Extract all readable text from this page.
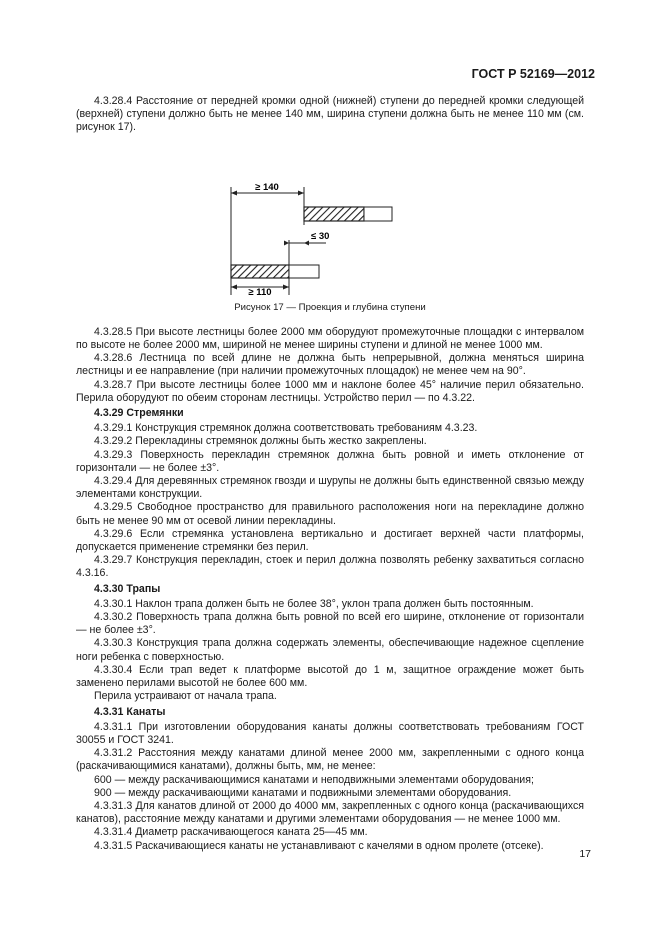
ГОСТ Р 52169—2012

4.3.28.4 Расстояние от передней кромки одной (нижней) ступени до передней кромки следующей (верхней) ступени должно быть не менее 140 мм, ширина ступени должна быть не менее 110 мм (см. рисунок 17).

≥ 140
≤ 30
≥ 110
Рисунок 17 — Проекция и глубина ступени

4.3.28.5 При высоте лестницы более 2000 мм оборудуют промежуточные площадки с интервалом по высоте не более 2000 мм, шириной не менее ширины ступени и длиной не менее 1000 мм.

4.3.28.6 Лестница по всей длине не должна быть непрерывной, должна меняться ширина лестницы и ее направление (при наличии промежуточных площадок) не менее чем на 90°.

4.3.28.7 При высоте лестницы более 1000 мм и наклоне более 45° наличие перил обязательно. Перила оборудуют по обеим сторонам лестницы. Устройство перил — по 4.3.22.

4.3.29 Стремянки

4.3.29.1 Конструкция стремянок должна соответствовать требованиям 4.3.23.

4.3.29.2 Перекладины стремянок должны быть жестко закреплены.

4.3.29.3 Поверхность перекладин стремянок должна быть ровной и иметь отклонение от горизонтали — не более ±3°.

4.3.29.4 Для деревянных стремянок гвозди и шурупы не должны быть единственной связью между элементами конструкции.

4.3.29.5 Свободное пространство для правильного расположения ноги на перекладине должно быть не менее 90 мм от осевой линии перекладины.

4.3.29.6 Если стремянка установлена вертикально и достигает верхней части платформы, допускается применение стремянки без перил.

4.3.29.7 Конструкция перекладин, стоек и перил должна позволять ребенку захватиться согласно 4.3.16.

4.3.30 Трапы

4.3.30.1 Наклон трапа должен быть не более 38°, уклон трапа должен быть постоянным.

4.3.30.2 Поверхность трапа должна быть ровной по всей его ширине, отклонение от горизонтали — не более ±3°.

4.3.30.3 Конструкция трапа должна содержать элементы, обеспечивающие надежное сцепление ноги ребенка с поверхностью.

4.3.30.4 Если трап ведет к платформе высотой до 1 м, защитное ограждение может быть заменено перилами высотой не более 600 мм.

Перила устраивают от начала трапа.

4.3.31 Канаты

4.3.31.1 При изготовлении оборудования канаты должны соответствовать требованиям ГОСТ 30055 и ГОСТ 3241.

4.3.31.2 Расстояния между канатами длиной менее 2000 мм, закрепленными с одного конца (раскачивающимися канатами), должны быть, мм, не менее:

600 — между раскачивающимися канатами и неподвижными элементами оборудования;

900 — между раскачивающими канатами и подвижными элементами оборудования.

4.3.31.3 Для канатов длиной от 2000 до 4000 мм, закрепленных с одного конца (раскачивающихся канатов), расстояние между канатами и другими элементами оборудования — не менее 1000 мм.

4.3.31.4 Диаметр раскачивающегося каната 25—45 мм.

4.3.31.5 Раскачивающиеся канаты не устанавливают с качелями в одном пролете (отсеке).

17
